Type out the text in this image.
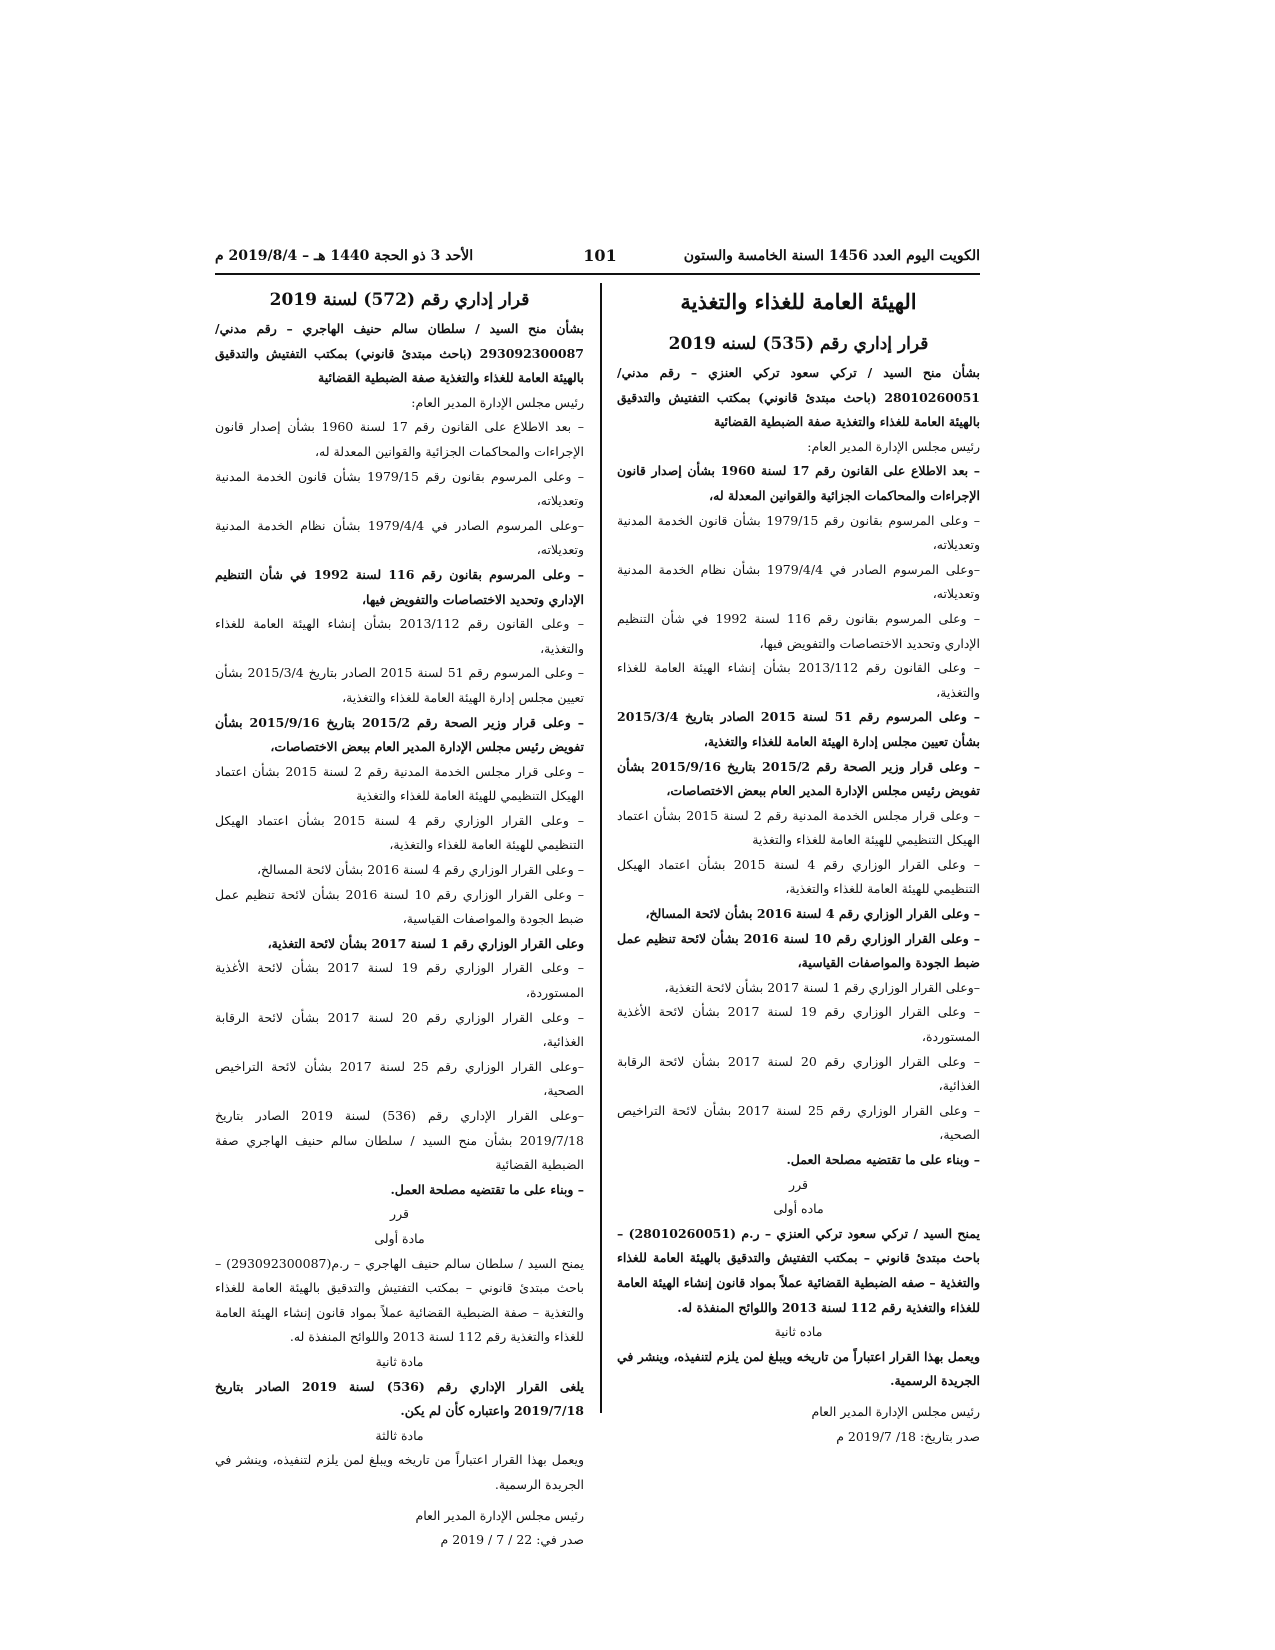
الكويت اليوم العدد 1456 السنة الخامسة والستون
101
الأحد 3 ذو الحجة 1440 هـ – 2019/8/4 م

الهيئة العامة للغذاء والتغذية

قرار إداري رقم (535) لسنه 2019

بشأن منح السيد / تركي سعود تركي العنزي – رقم مدني/ 28010260051 (باحث مبتدئ قانوني) بمكتب التفتيش والتدقيق بالهيئة العامة للغذاء والتغذية صفة الضبطية القضائية

رئيس مجلس الإدارة المدير العام:

– بعد الاطلاع على القانون رقم 17 لسنة 1960 بشأن إصدار قانون الإجراءات والمحاكمات الجزائية والقوانين المعدلة له،

– وعلى المرسوم بقانون رقم 1979/15 بشأن قانون الخدمة المدنية وتعديلاته،

–وعلى المرسوم الصادر في 1979/4/4 بشأن نظام الخدمة المدنية وتعديلاته،

– وعلى المرسوم بقانون رقم 116 لسنة 1992 في شأن التنظيم الإداري وتحديد الاختصاصات والتفويض فيها،

– وعلى القانون رقم 2013/112 بشأن إنشاء الهيئة العامة للغذاء والتغذية،

– وعلى المرسوم رقم 51 لسنة 2015 الصادر بتاريخ 2015/3/4 بشأن تعيين مجلس إدارة الهيئة العامة للغذاء والتغذية،

– وعلى قرار وزير الصحة رقم 2015/2 بتاريخ 2015/9/16 بشأن تفويض رئيس مجلس الإدارة المدير العام ببعض الاختصاصات،

– وعلى قرار مجلس الخدمة المدنية رقم 2 لسنة 2015 بشأن اعتماد الهيكل التنظيمي للهيئة العامة للغذاء والتغذية

– وعلى القرار الوزاري رقم 4 لسنة 2015 بشأن اعتماد الهيكل التنظيمي للهيئة العامة للغذاء والتغذية،

– وعلى القرار الوزاري رقم 4 لسنة 2016 بشأن لائحة المسالخ،

– وعلى القرار الوزاري رقم 10 لسنة 2016 بشأن لائحة تنظيم عمل ضبط الجودة والمواصفات القياسية،

–وعلى القرار الوزاري رقم 1 لسنة 2017 بشأن لائحة التغذية،

– وعلى القرار الوزاري رقم 19 لسنة 2017 بشأن لائحة الأغذية المستوردة،

– وعلى القرار الوزاري رقم 20 لسنة 2017 بشأن لائحة الرقابة الغذائية،

– وعلى القرار الوزاري رقم 25 لسنة 2017 بشأن لائحة التراخيص الصحية،

– وبناء على ما تقتضيه مصلحة العمل.

قرر

ماده أولى

يمنح السيد / تركي سعود تركي العنزي – ر.م (28010260051) – باحث مبتدئ قانوني – بمكتب التفتيش والتدقيق بالهيئة العامة للغذاء والتغذية – صفه الضبطية القضائية عملاً بمواد قانون إنشاء الهيئة العامة للغذاء والتغذية رقم 112 لسنة 2013 واللوائح المنفذة له.

ماده ثانية

ويعمل بهذا القرار اعتباراً من تاريخه ويبلغ لمن يلزم لتنفيذه، وينشر في الجريدة الرسمية.

رئيس مجلس الإدارة المدير العام

صدر بتاريخ: 18/ 2019/7 م

قرار إداري رقم (572) لسنة 2019

بشأن منح السيد / سلطان سالم حنيف الهاجري – رقم مدني/ 293092300087 (باحث مبتدئ قانوني) بمكتب التفتيش والتدقيق بالهيئة العامة للغذاء والتغذية صفة الضبطية القضائية

رئيس مجلس الإدارة المدير العام:

– بعد الاطلاع على القانون رقم 17 لسنة 1960 بشأن إصدار قانون الإجراءات والمحاكمات الجزائية والقوانين المعدلة له،

– وعلى المرسوم بقانون رقم 1979/15 بشأن قانون الخدمة المدنية وتعديلاته،

–وعلى المرسوم الصادر في 1979/4/4 بشأن نظام الخدمة المدنية وتعديلاته،

– وعلى المرسوم بقانون رقم 116 لسنة 1992 في شأن التنظيم الإداري وتحديد الاختصاصات والتفويض فيها،

– وعلى القانون رقم 2013/112 بشأن إنشاء الهيئة العامة للغذاء والتغذية،

– وعلى المرسوم رقم 51 لسنة 2015 الصادر بتاريخ 2015/3/4 بشأن تعيين مجلس إدارة الهيئة العامة للغذاء والتغذية،

– وعلى قرار وزير الصحة رقم 2015/2 بتاريخ 2015/9/16 بشأن تفويض رئيس مجلس الإدارة المدير العام ببعض الاختصاصات،

– وعلى قرار مجلس الخدمة المدنية رقم 2 لسنة 2015 بشأن اعتماد الهيكل التنظيمي للهيئة العامة للغذاء والتغذية

– وعلى القرار الوزاري رقم 4 لسنة 2015 بشأن اعتماد الهيكل التنظيمي للهيئة العامة للغذاء والتغذية،

– وعلى القرار الوزاري رقم 4 لسنة 2016 بشأن لائحة المسالخ،

– وعلى القرار الوزاري رقم 10 لسنة 2016 بشأن لائحة تنظيم عمل ضبط الجودة والمواصفات القياسية،

وعلى القرار الوزاري رقم 1 لسنة 2017 بشأن لائحة التغذية،

– وعلى القرار الوزاري رقم 19 لسنة 2017 بشأن لائحة الأغذية المستوردة،

– وعلى القرار الوزاري رقم 20 لسنة 2017 بشأن لائحة الرقابة الغذائية،

–وعلى القرار الوزاري رقم 25 لسنة 2017 بشأن لائحة التراخيص الصحية،

–وعلى القرار الإداري رقم (536) لسنة 2019 الصادر بتاريخ 2019/7/18 بشأن منح السيد / سلطان سالم حنيف الهاجري صفة الضبطية القضائية

– وبناء على ما تقتضيه مصلحة العمل.

قرر

مادة أولى

يمنح السيد / سلطان سالم حنيف الهاجري – ر.م(293092300087) – باحث مبتدئ قانوني – بمكتب التفتيش والتدقيق بالهيئة العامة للغذاء والتغذية – صفة الضبطية القضائية عملاً بمواد قانون إنشاء الهيئة العامة للغذاء والتغذية رقم 112 لسنة 2013 واللوائح المنفذة له.

مادة ثانية

يلغى القرار الإداري رقم (536) لسنة 2019 الصادر بتاريخ 2019/7/18 واعتباره كأن لم يكن.

مادة ثالثة

ويعمل بهذا القرار اعتباراً من تاريخه ويبلغ لمن يلزم لتنفيذه، وينشر في الجريدة الرسمية.

رئيس مجلس الإدارة المدير العام

صدر في: 22 / 7 / 2019 م
